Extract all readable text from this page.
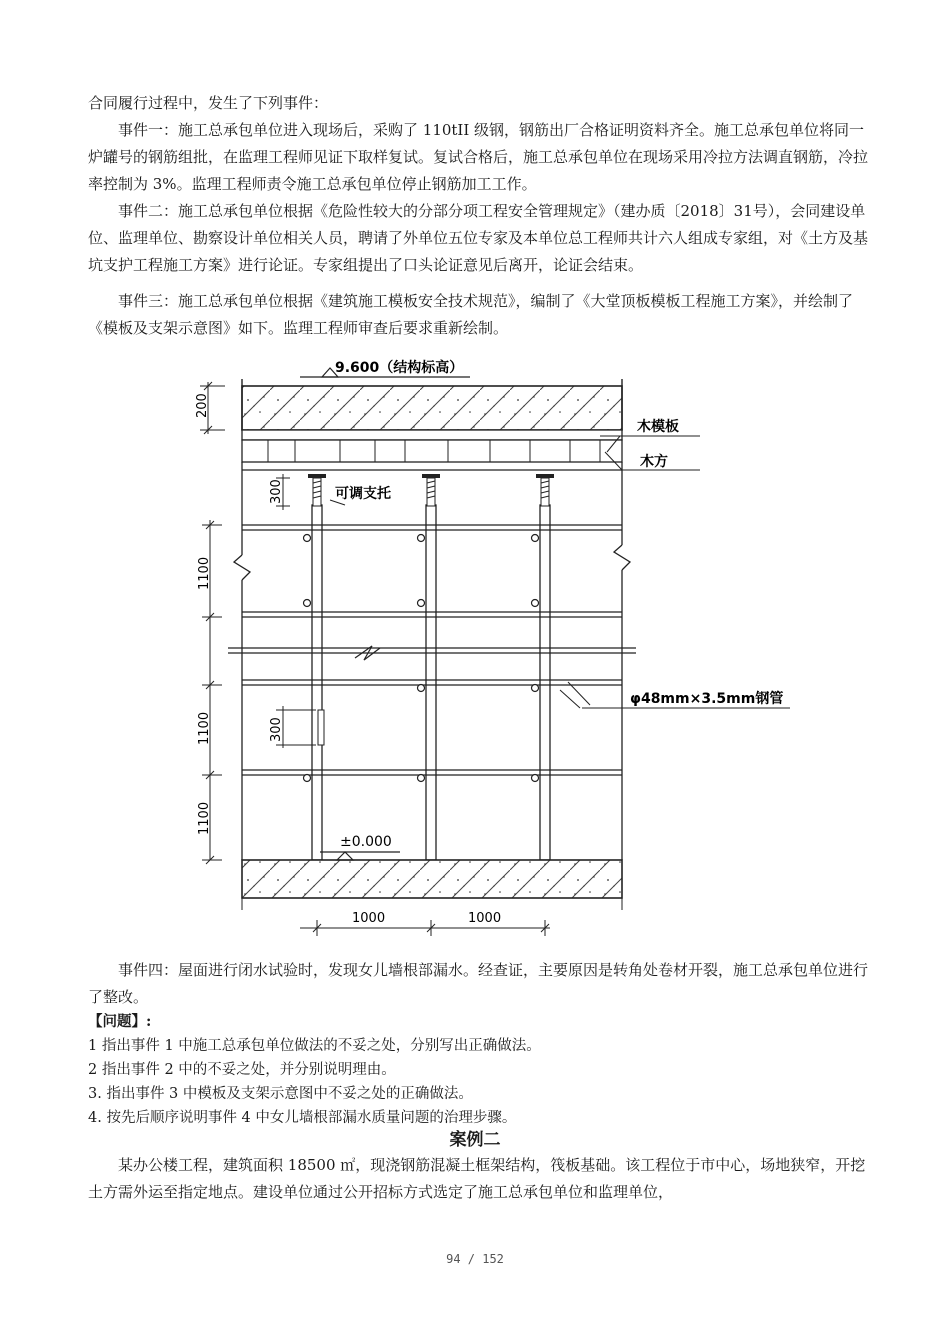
合同履行过程中，发生了下列事件：

事件一：施工总承包单位进入现场后，采购了 110tII 级钢，钢筋出厂合格证明资料齐全。施工总承包单位将同一炉罐号的钢筋组批，在监理工程师见证下取样复试。复试合格后，施工总承包单位在现场采用冷拉方法调直钢筋，冷拉率控制为 3%。监理工程师责令施工总承包单位停止钢筋加工工作。

事件二：施工总承包单位根据《危险性较大的分部分项工程安全管理规定》（建办质〔2018〕31号），会同建设单位、监理单位、勘察设计单位相关人员，聘请了外单位五位专家及本单位总工程师共计六人组成专家组，对《土方及基坑支护工程施工方案》进行论证。专家组提出了口头论证意见后离开，论证会结束。

事件三：施工总承包单位根据《建筑施工模板安全技术规范》，编制了《大堂顶板模板工程施工方案》，并绘制了《模板及支架示意图》如下。监理工程师审查后要求重新绘制。

9.600（结构标高）
木模板
木方
可调支托
φ48mm×3.5mm钢管
±0.000
200
1100
1100
1100
300
300
1000	1000

事件四：屋面进行闭水试验时，发现女儿墙根部漏水。经查证，主要原因是转角处卷材开裂，施工总承包单位进行了整改。

【问题】:

1 指出事件 1 中施工总承包单位做法的不妥之处，分别写出正确做法。

2 指出事件 2 中的不妥之处，并分别说明理由。

3. 指出事件 3 中模板及支架示意图中不妥之处的正确做法。

4. 按先后顺序说明事件 4 中女儿墙根部漏水质量问题的治理步骤。

案例二

某办公楼工程，建筑面积 18500 ㎡，现浇钢筋混凝土框架结构，筏板基础。该工程位于市中心，场地狭窄，开挖土方需外运至指定地点。建设单位通过公开招标方式选定了施工总承包单位和监理单位，

94 / 152
